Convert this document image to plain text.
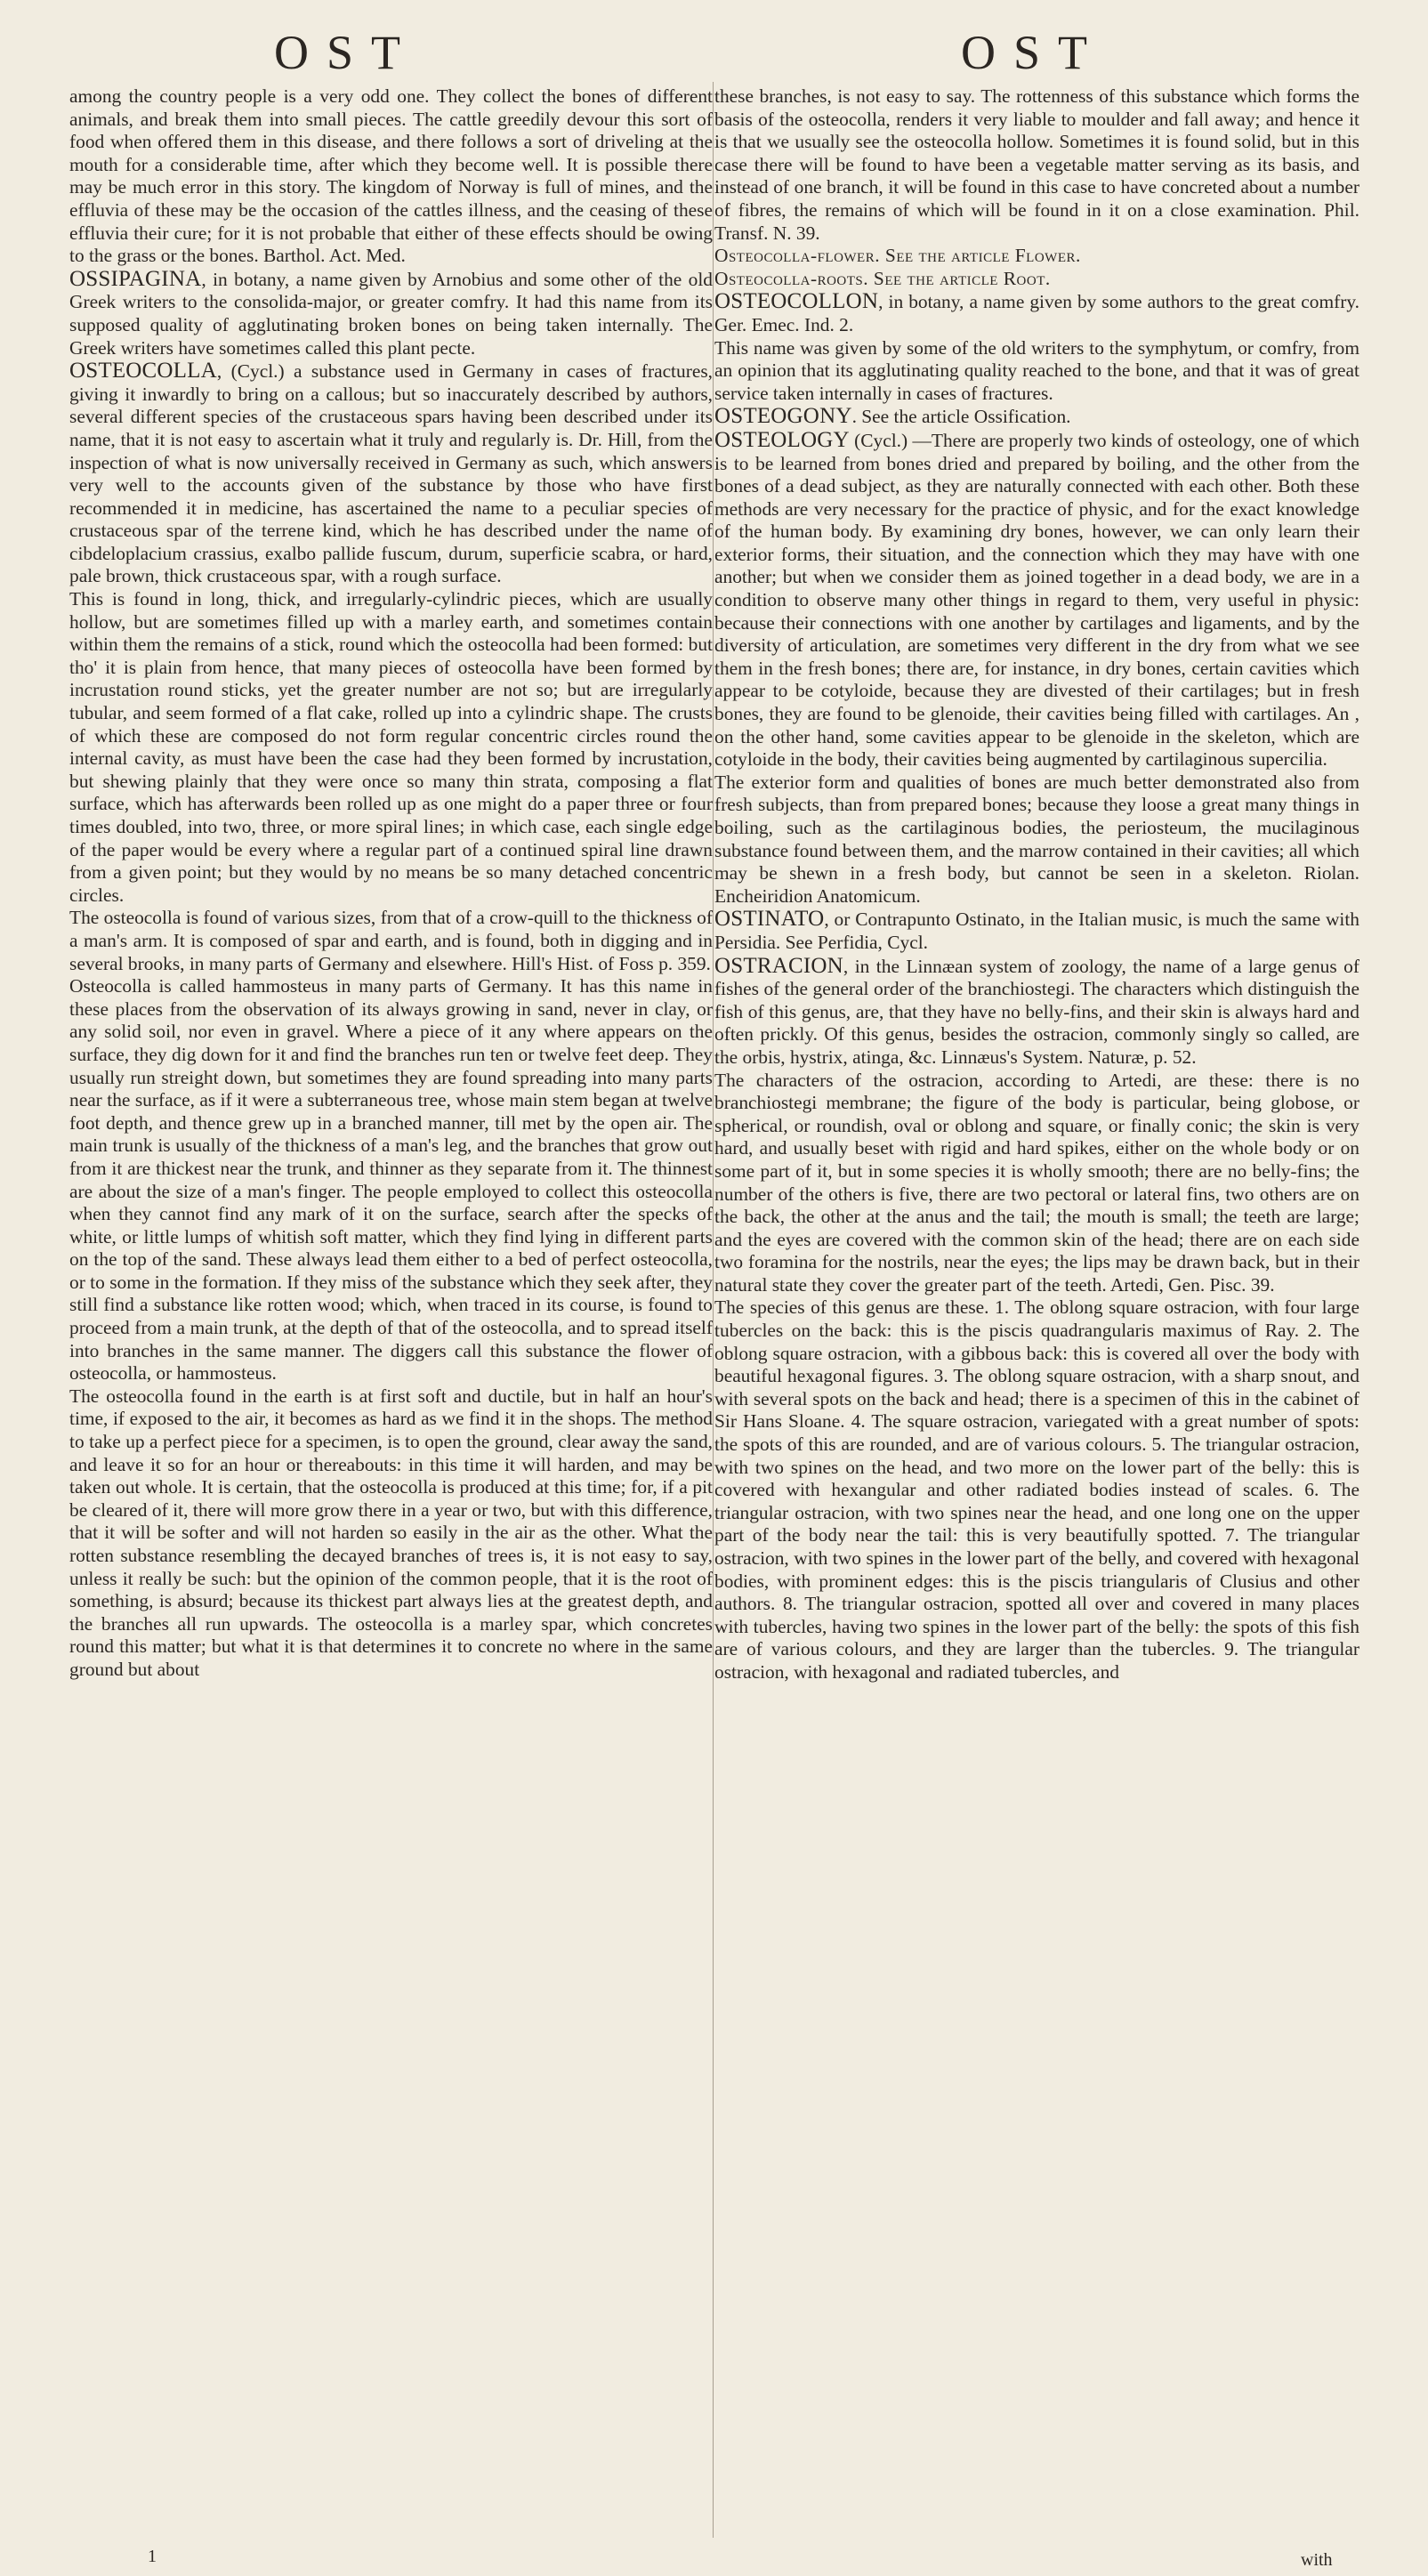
OST	OST

among the country people is a very odd one. They collect the bones of different animals, and break them into small pieces. The cattle greedily devour this sort of food when offered them in this disease, and there follows a sort of driveling at the mouth for a considerable time, after which they become well. It is possible there may be much error in this story. The kingdom of Norway is full of mines, and the effluvia of these may be the occasion of the cattles illness, and the ceasing of these effluvia their cure; for it is not probable that either of these effects should be owing to the grass or the bones. Barthol. Act. Med.

OSSIPAGINA, in botany, a name given by Arnobius and some other of the old Greek writers to the consolida-major, or greater comfry. It had this name from its supposed quality of agglutinating broken bones on being taken internally. The Greek writers have sometimes called this plant pecte.

OSTEOCOLLA, (Cycl.) a substance used in Germany in cases of fractures, giving it inwardly to bring on a callous; but so inaccurately described by authors, several different species of the crustaceous spars having been described under its name, that it is not easy to ascertain what it truly and regularly is. Dr. Hill, from the inspection of what is now universally received in Germany as such, which answers very well to the accounts given of the substance by those who have first recommended it in medicine, has ascertained the name to a peculiar species of crustaceous spar of the terrene kind, which he has described under the name of cibdeloplacium crassius, exalbo pallide fuscum, durum, superficie scabra, or hard, pale brown, thick crustaceous spar, with a rough surface.

This is found in long, thick, and irregularly-cylindric pieces, which are usually hollow, but are sometimes filled up with a marley earth, and sometimes contain within them the remains of a stick, round which the osteocolla had been formed: but tho' it is plain from hence, that many pieces of osteocolla have been formed by incrustation round sticks, yet the greater number are not so; but are irregularly tubular, and seem formed of a flat cake, rolled up into a cylindric shape. The crusts of which these are composed do not form regular concentric circles round the internal cavity, as must have been the case had they been formed by incrustation, but shewing plainly that they were once so many thin strata, composing a flat surface, which has afterwards been rolled up as one might do a paper three or four times doubled, into two, three, or more spiral lines; in which case, each single edge of the paper would be every where a regular part of a continued spiral line drawn from a given point; but they would by no means be so many detached concentric circles.

The osteocolla is found of various sizes, from that of a crow-quill to the thickness of a man's arm. It is composed of spar and earth, and is found, both in digging and in several brooks, in many parts of Germany and elsewhere. Hill's Hist. of Foss p. 359.

Osteocolla is called hammosteus in many parts of Germany. It has this name in these places from the observation of its always growing in sand, never in clay, or any solid soil, nor even in gravel. Where a piece of it any where appears on the surface, they dig down for it and find the branches run ten or twelve feet deep. They usually run streight down, but sometimes they are found spreading into many parts near the surface, as if it were a subterraneous tree, whose main stem began at twelve foot depth, and thence grew up in a branched manner, till met by the open air. The main trunk is usually of the thickness of a man's leg, and the branches that grow out from it are thickest near the trunk, and thinner as they separate from it. The thinnest are about the size of a man's finger. The people employed to collect this osteocolla when they cannot find any mark of it on the surface, search after the specks of white, or little lumps of whitish soft matter, which they find lying in different parts on the top of the sand. These always lead them either to a bed of perfect osteocolla, or to some in the formation. If they miss of the substance which they seek after, they still find a substance like rotten wood; which, when traced in its course, is found to proceed from a main trunk, at the depth of that of the osteocolla, and to spread itself into branches in the same manner. The diggers call this substance the flower of osteocolla, or hammosteus.

The osteocolla found in the earth is at first soft and ductile, but in half an hour's time, if exposed to the air, it becomes as hard as we find it in the shops. The method to take up a perfect piece for a specimen, is to open the ground, clear away the sand, and leave it so for an hour or thereabouts: in this time it will harden, and may be taken out whole. It is certain, that the osteocolla is produced at this time; for, if a pit be cleared of it, there will more grow there in a year or two, but with this difference, that it will be softer and will not harden so easily in the air as the other. What the rotten substance resembling the decayed branches of trees is, it is not easy to say, unless it really be such: but the opinion of the common people, that it is the root of something, is absurd; because its thickest part always lies at the greatest depth, and the branches all run upwards. The osteocolla is a marley spar, which concretes round this matter; but what it is that determines it to concrete no where in the same ground but about

these branches, is not easy to say. The rottenness of this substance which forms the basis of the osteocolla, renders it very liable to moulder and fall away; and hence it is that we usually see the osteocolla hollow. Sometimes it is found solid, but in this case there will be found to have been a vegetable matter serving as its basis, and instead of one branch, it will be found in this case to have concreted about a number of fibres, the remains of which will be found in it on a close examination. Phil. Transf. N. 39.

Osteocolla-flower. See the article Flower.

Osteocolla-roots. See the article Root.

OSTEOCOLLON, in botany, a name given by some authors to the great comfry. Ger. Emec. Ind. 2.

This name was given by some of the old writers to the symphytum, or comfry, from an opinion that its agglutinating quality reached to the bone, and that it was of great service taken internally in cases of fractures.

OSTEOGONY. See the article Ossification.

OSTEOLOGY (Cycl.) —There are properly two kinds of osteology, one of which is to be learned from bones dried and prepared by boiling, and the other from the bones of a dead subject, as they are naturally connected with each other. Both these methods are very necessary for the practice of physic, and for the exact knowledge of the human body. By examining dry bones, however, we can only learn their exterior forms, their situation, and the connection which they may have with one another; but when we consider them as joined together in a dead body, we are in a condition to observe many other things in regard to them, very useful in physic: because their connections with one another by cartilages and ligaments, and by the diversity of articulation, are sometimes very different in the dry from what we see them in the fresh bones; there are, for instance, in dry bones, certain cavities which appear to be cotyloide, because they are divested of their cartilages; but in fresh bones, they are found to be glenoide, their cavities being filled with cartilages. An , on the other hand, some cavities appear to be glenoide in the skeleton, which are cotyloide in the body, their cavities being augmented by cartilaginous supercilia.

The exterior form and qualities of bones are much better demonstrated also from fresh subjects, than from prepared bones; because they loose a great many things in boiling, such as the cartilaginous bodies, the periosteum, the mucilaginous substance found between them, and the marrow contained in their cavities; all which may be shewn in a fresh body, but cannot be seen in a skeleton. Riolan. Encheiridion Anatomicum.

OSTINATO, or Contrapunto Ostinato, in the Italian music, is much the same with Persidia. See Perfidia, Cycl.

OSTRACION, in the Linnæan system of zoology, the name of a large genus of fishes of the general order of the branchiostegi. The characters which distinguish the fish of this genus, are, that they have no belly-fins, and their skin is always hard and often prickly. Of this genus, besides the ostracion, commonly singly so called, are the orbis, hystrix, atinga, &c. Linnæus's System. Naturæ, p. 52.

The characters of the ostracion, according to Artedi, are these: there is no branchiostegi membrane; the figure of the body is particular, being globose, or spherical, or roundish, oval or oblong and square, or finally conic; the skin is very hard, and usually beset with rigid and hard spikes, either on the whole body or on some part of it, but in some species it is wholly smooth; there are no belly-fins; the number of the others is five, there are two pectoral or lateral fins, two others are on the back, the other at the anus and the tail; the mouth is small; the teeth are large; and the eyes are covered with the common skin of the head; there are on each side two foramina for the nostrils, near the eyes; the lips may be drawn back, but in their natural state they cover the greater part of the teeth. Artedi, Gen. Pisc. 39.

The species of this genus are these. 1. The oblong square ostracion, with four large tubercles on the back: this is the piscis quadrangularis maximus of Ray. 2. The oblong square ostracion, with a gibbous back: this is covered all over the body with beautiful hexagonal figures. 3. The oblong square ostracion, with a sharp snout, and with several spots on the back and head; there is a specimen of this in the cabinet of Sir Hans Sloane. 4. The square ostracion, variegated with a great number of spots: the spots of this are rounded, and are of various colours. 5. The triangular ostracion, with two spines on the head, and two more on the lower part of the belly: this is covered with hexangular and other radiated bodies instead of scales. 6. The triangular ostracion, with two spines near the head, and one long one on the upper part of the body near the tail: this is very beautifully spotted. 7. The triangular ostracion, with two spines in the lower part of the belly, and covered with hexagonal bodies, with prominent edges: this is the piscis triangularis of Clusius and other authors. 8. The triangular ostracion, spotted all over and covered in many places with tubercles, having two spines in the lower part of the belly: the spots of this fish are of various colours, and they are larger than the tubercles. 9. The triangular ostracion, with hexagonal and radiated tubercles, and

1	with
